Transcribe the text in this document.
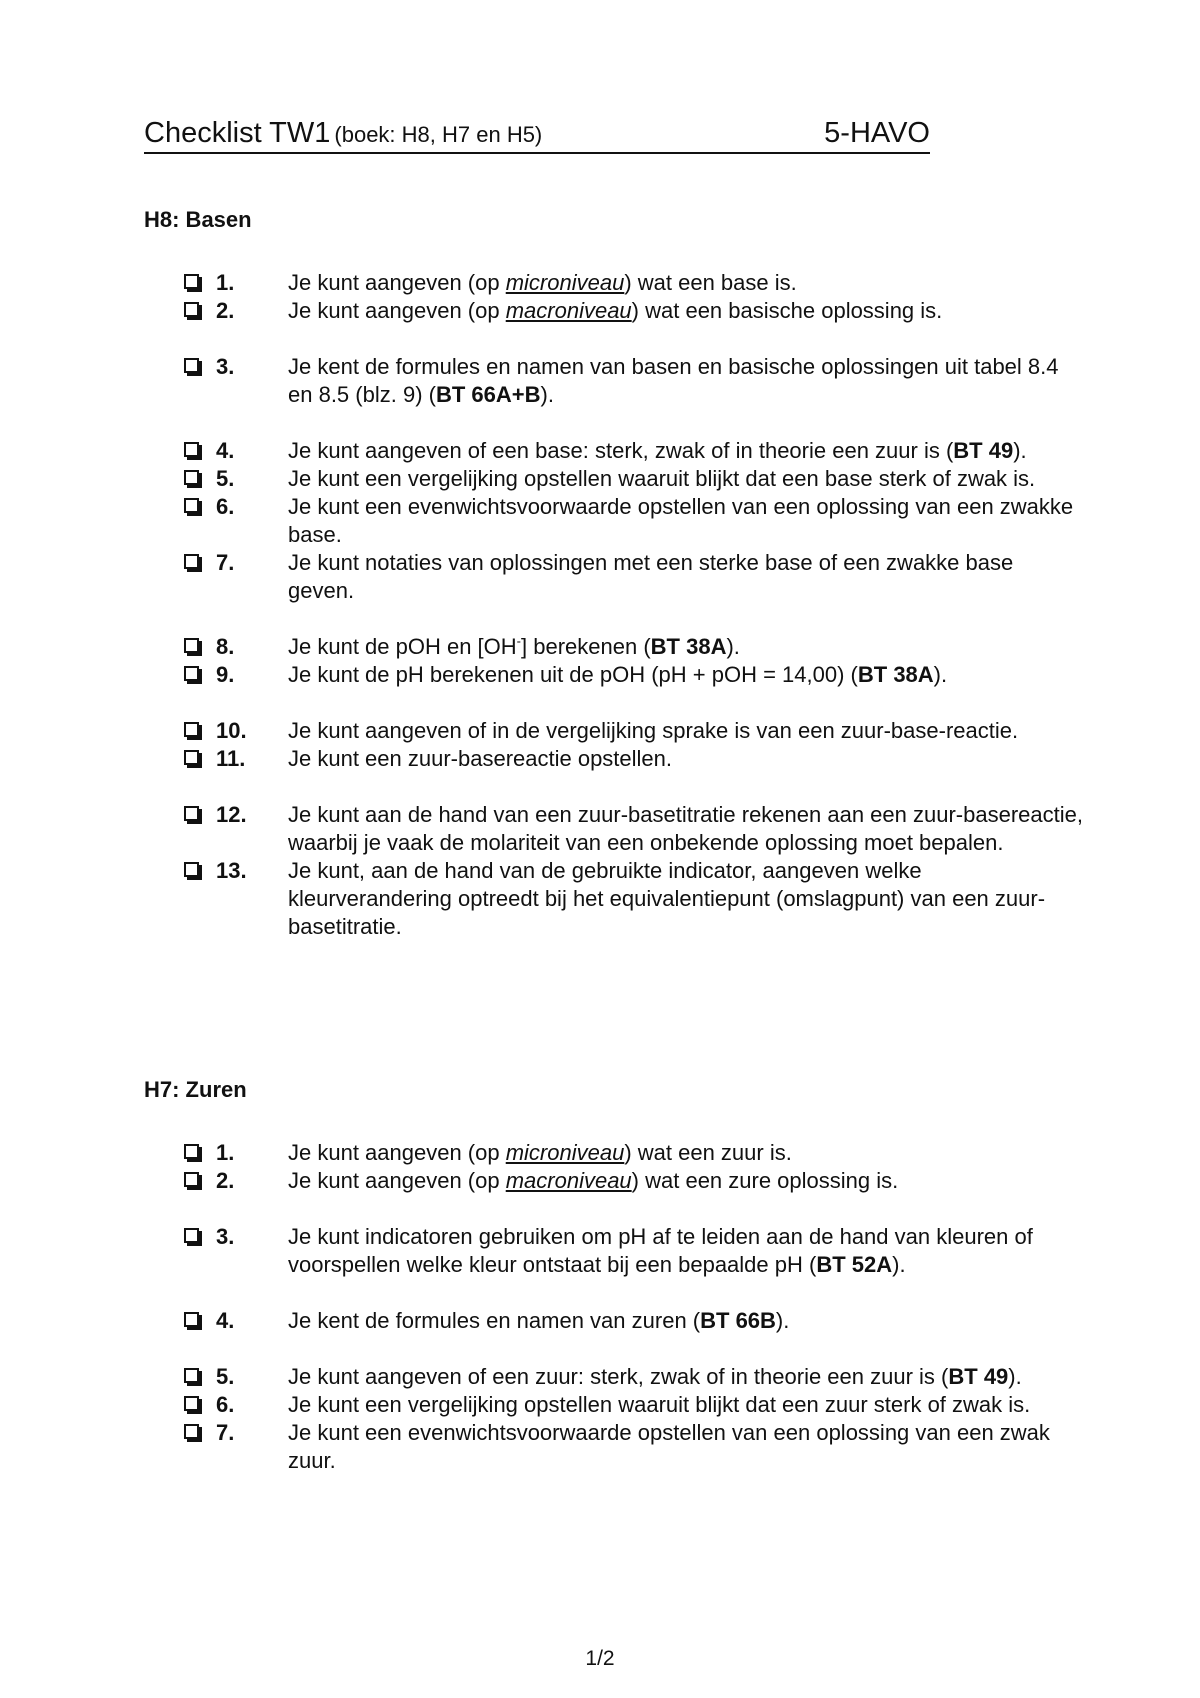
Checklist TW1 (boek: H8, H7 en H5)	5-HAVO
H8: Basen
1.	Je kunt aangeven (op microniveau) wat een base is.
2.	Je kunt aangeven (op macroniveau) wat een basische oplossing is.
3.	Je kent de formules en namen van basen en basische oplossingen uit tabel 8.4 en 8.5 (blz. 9) (BT 66A+B).
4.	Je kunt aangeven of een base: sterk, zwak of in theorie een zuur is (BT 49).
5.	Je kunt een vergelijking opstellen waaruit blijkt dat een base sterk of zwak is.
6.	Je kunt een evenwichtsvoorwaarde opstellen van een oplossing van een zwakke base.
7.	Je kunt notaties van oplossingen met een sterke base of een zwakke base geven.
8.	Je kunt de pOH en [OH-] berekenen (BT 38A).
9.	Je kunt de pH berekenen uit de pOH (pH + pOH = 14,00) (BT 38A).
10.	Je kunt aangeven of in de vergelijking sprake is van een zuur-base-reactie.
11.	Je kunt een zuur-basereactie opstellen.
12.	Je kunt aan de hand van een zuur-basetitratie rekenen aan een zuur-basereactie, waarbij je vaak de molariteit van een onbekende oplossing moet bepalen.
13.	Je kunt, aan de hand van de gebruikte indicator, aangeven welke kleurverandering optreedt bij het equivalentiepunt (omslagpunt) van een zuur-basetitratie.
H7: Zuren
1.	Je kunt aangeven (op microniveau) wat een zuur is.
2.	Je kunt aangeven (op macroniveau) wat een zure oplossing is.
3.	Je kunt indicatoren gebruiken om pH af te leiden aan de hand van kleuren of voorspellen welke kleur ontstaat bij een bepaalde pH (BT 52A).
4.	Je kent de formules en namen van zuren (BT 66B).
5.	Je kunt aangeven of een zuur: sterk, zwak of in theorie een zuur is (BT 49).
6.	Je kunt een vergelijking opstellen waaruit blijkt dat een zuur sterk of zwak is.
7.	Je kunt een evenwichtsvoorwaarde opstellen van een oplossing van een zwak zuur.
1/2
